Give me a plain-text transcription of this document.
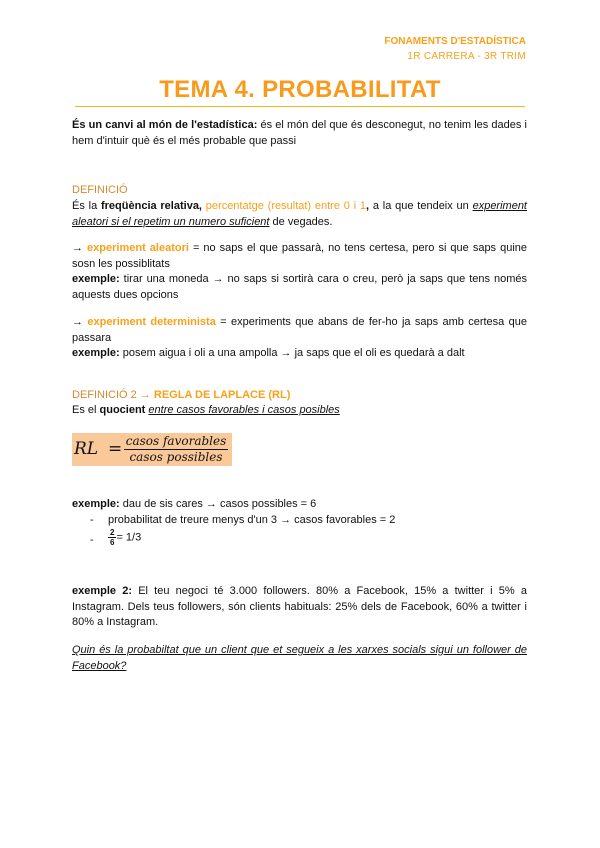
FONAMENTS D'ESTADÍSTICA
1R CARRERA - 3R TRIM
TEMA 4. PROBABILITAT
És un canvi al món de l'estadística: és el món del que és desconegut, no tenim les dades i hem d'intuir què és el més probable que passi
DEFINICIÓ
És la freqüència relativa, percentatge (resultat) entre 0 i 1, a la que tendeix un experiment aleatori si el repetim un numero suficient de vegades.
→ experiment aleatori = no saps el que passarà, no tens certesa, pero si que saps quine sosn les possiblitats
exemple: tirar una moneda → no saps si sortirà cara o creu, però ja saps que tens només aquests dues opcions
→ experiment determinista = experiments que abans de fer-ho ja saps amb certesa que passara
exemple: posem aigua i oli a una ampolla → ja saps que el oli es quedarà a dalt
DEFINICIÓ 2 → REGLA DE LAPLACE (RL)
Es el quocient entre casos favorables i casos posibles
RL = casos favorables
casos possibles
exemple: dau de sis cares → casos possibles = 6
- probabilitat de treure menys d'un 3 → casos favorables = 2
- $\frac{2}{6} = 1/3$
exemple 2: El teu negoci té 3.000 followers. 80% a Facebook, 15% a twitter i 5% a Instagram. Dels teus followers, són clients habituals: 25% dels de Facebook, 60% a twitter i 80% a Instagram.
Quin és la probabiltat que un client que et segueix a les xarxes socials sigui un follower de Facebook?
